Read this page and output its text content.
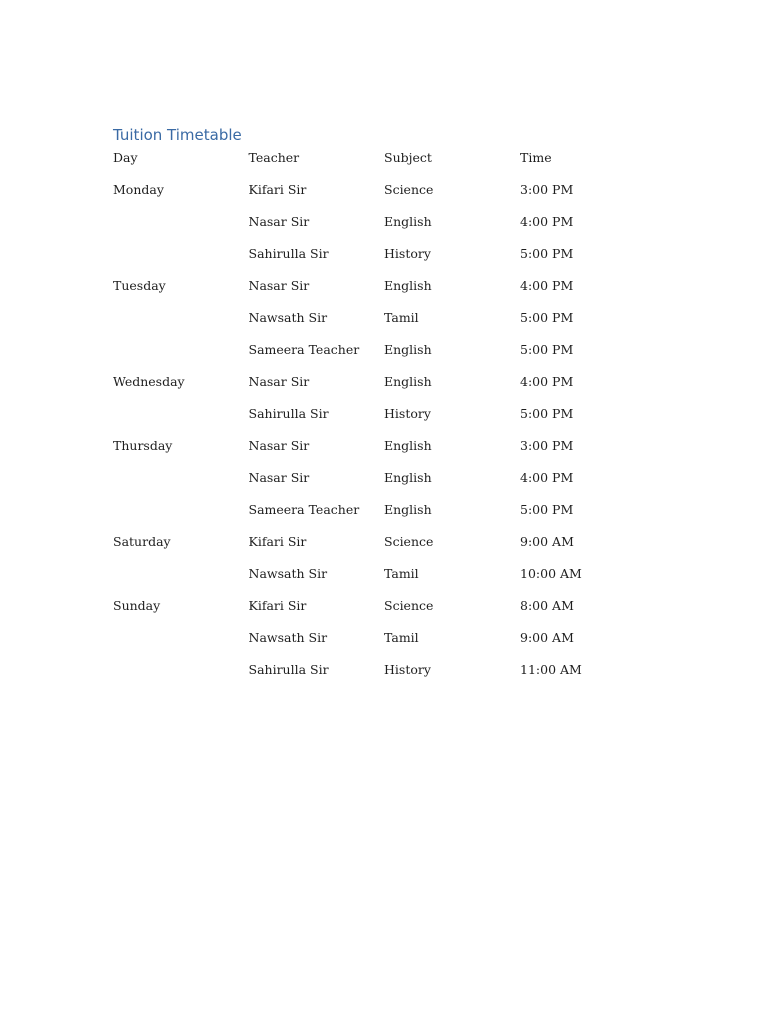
Tuition Timetable
Day	Teacher	Subject	Time
Monday	Kifari Sir	Science	3:00 PM
	Nasar Sir	English	4:00 PM
	Sahirulla Sir	History	5:00 PM
Tuesday	Nasar Sir	English	4:00 PM
	Nawsath Sir	Tamil	5:00 PM
	Sameera Teacher	English	5:00 PM
Wednesday	Nasar Sir	English	4:00 PM
	Sahirulla Sir	History	5:00 PM
Thursday	Nasar Sir	English	3:00 PM
	Nasar Sir	English	4:00 PM
	Sameera Teacher	English	5:00 PM
Saturday	Kifari Sir	Science	9:00 AM
	Nawsath Sir	Tamil	10:00 AM
Sunday	Kifari Sir	Science	8:00 AM
	Nawsath Sir	Tamil	9:00 AM
	Sahirulla Sir	History	11:00 AM
